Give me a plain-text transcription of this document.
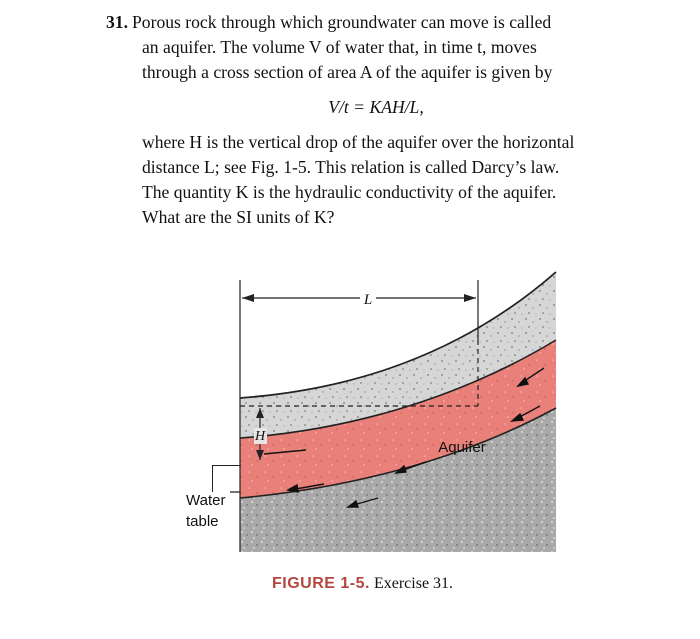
31. Porous rock through which groundwater can move is called

an aquifer. The volume V of water that, in time t, moves

through a cross section of area A of the aquifer is given by

V/t = KAH/L,

where H is the vertical drop of the aquifer over the horizontal

distance L; see Fig. 1-5. This relation is called Darcy’s law.

The quantity K is the hydraulic conductivity of the aquifer.

What are the SI units of K?

L
H
Aquifer
Water
table
FIGURE 1-5. Exercise 31.
